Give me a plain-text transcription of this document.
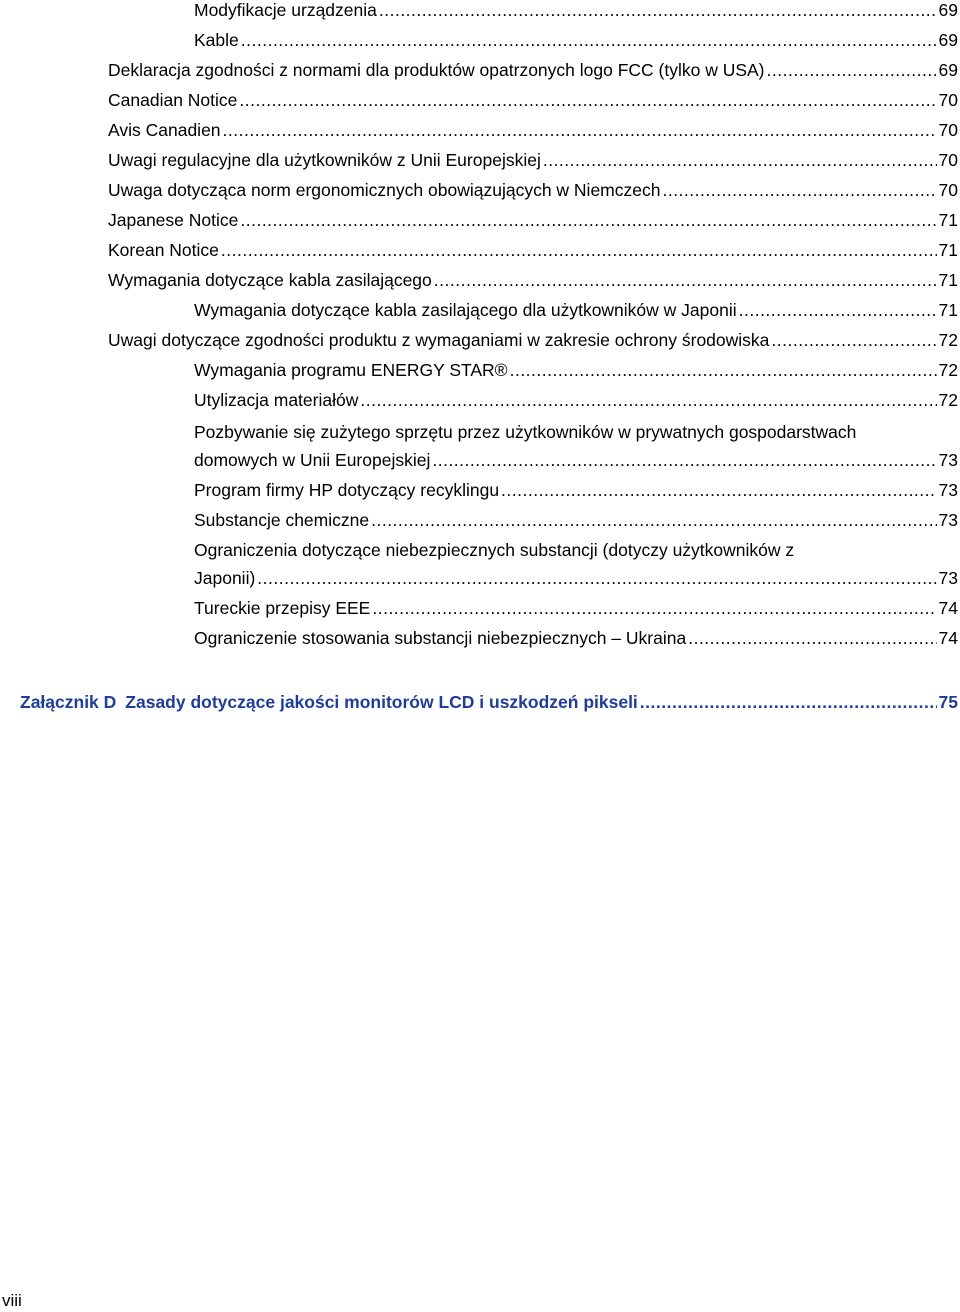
Modyfikacje urządzenia .....	69
Kable .....	69
Deklaracja zgodności z normami dla produktów opatrzonych logo FCC (tylko w USA) .....	69
Canadian Notice .....	70
Avis Canadien .....	70
Uwagi regulacyjne dla użytkowników z Unii Europejskiej .....	70
Uwaga dotycząca norm ergonomicznych obowiązujących w Niemczech .....	70
Japanese Notice .....	71
Korean Notice .....	71
Wymagania dotyczące kabla zasilającego .....	71
Wymagania dotyczące kabla zasilającego dla użytkowników w Japonii .....	71
Uwagi dotyczące zgodności produktu z wymaganiami w zakresie ochrony środowiska .....	72
Wymagania programu ENERGY STAR® .....	72
Utylizacja materiałów .....	72
Pozbywanie się zużytego sprzętu przez użytkowników w prywatnych gospodarstwach
domowych w Unii Europejskiej .....	73
Program firmy HP dotyczący recyklingu .....	73
Substancje chemiczne .....	73
Ograniczenia dotyczące niebezpiecznych substancji (dotyczy użytkowników z
Japonii) .....	73
Tureckie przepisy EEE .....	74
Ograniczenie stosowania substancji niebezpiecznych – Ukraina .....	74
Załącznik D Zasady dotyczące jakości monitorów LCD i uszkodzeń pikseli .....	75
viii
